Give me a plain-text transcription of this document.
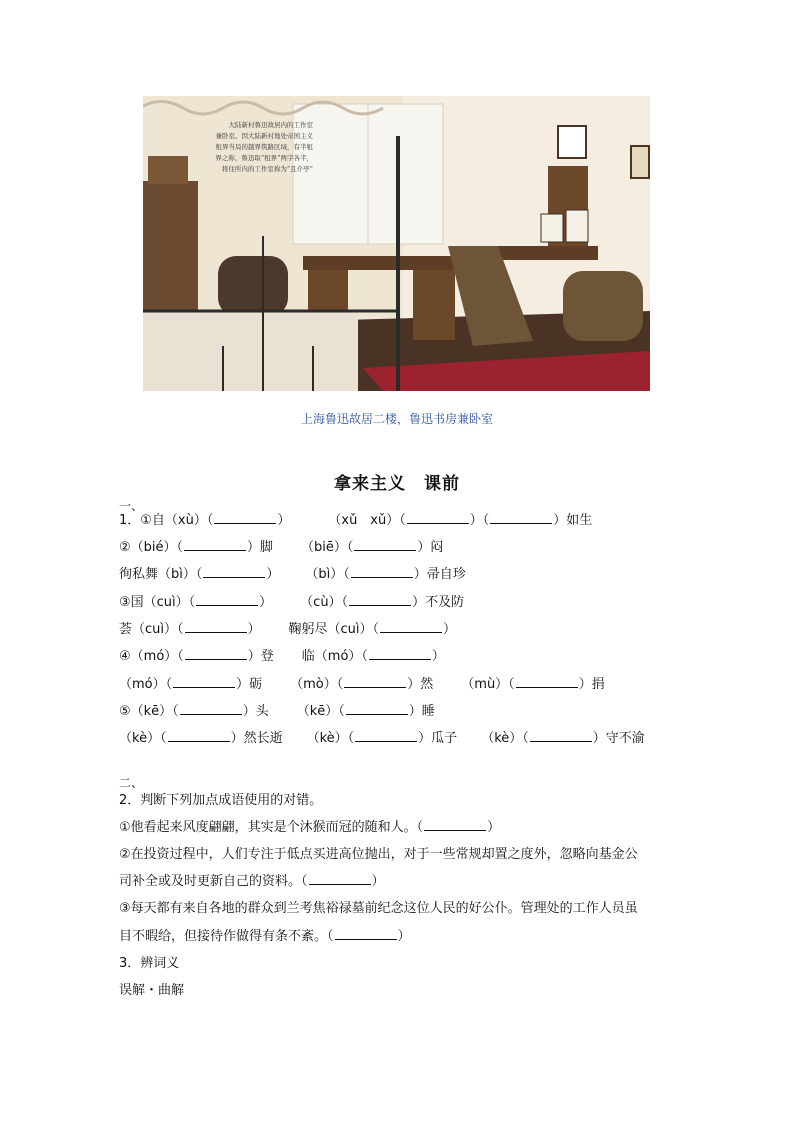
大陆新村鲁迅故居内的工作室
兼卧室。因大陆新村地处帝国主义
租界当局的越界筑路区域，有半租
界之称，鲁迅取“租界”两字各半，
将住所内的工作室称为“且介亭”
上海鲁迅故居二楼，鲁迅书房兼卧室
拿来主义　课前
一、
1．①自（xù）（	）	（xǔ　xǔ）（	）（	）如生
②（bié）（	）脚 （biē）（	）闷
徇私舞（bì）（	） （bì）（	）帚自珍
③国（cuì）（	） （cù）（	）不及防
荟（cuì）（	） 鞠躬尽（cuì）（	）
④（mó）（	）登 临（mó）（	）
（mó）（	）砺 （mò）（	）然 （mù）（	）捐
⑤（kē）（	）头 （kē）（	）睡
（kè）（	）然长逝 （kè）（	）瓜子 （kè）（	）守不渝
二、
2．判断下列加点成语使用的对错。
①他看起来风度翩翩，其实是个沐猴而冠的随和人。（	）
②在投资过程中，人们专注于低点买进高位抛出，对于一些常规却置之度外，忽略向基金公
司补全或及时更新自己的资料。（	）
③每天都有来自各地的群众到兰考焦裕禄墓前纪念这位人民的好公仆。管理处的工作人员虽
目不暇给，但接待作做得有条不紊。（	）
3．辨词义
误解・曲解
